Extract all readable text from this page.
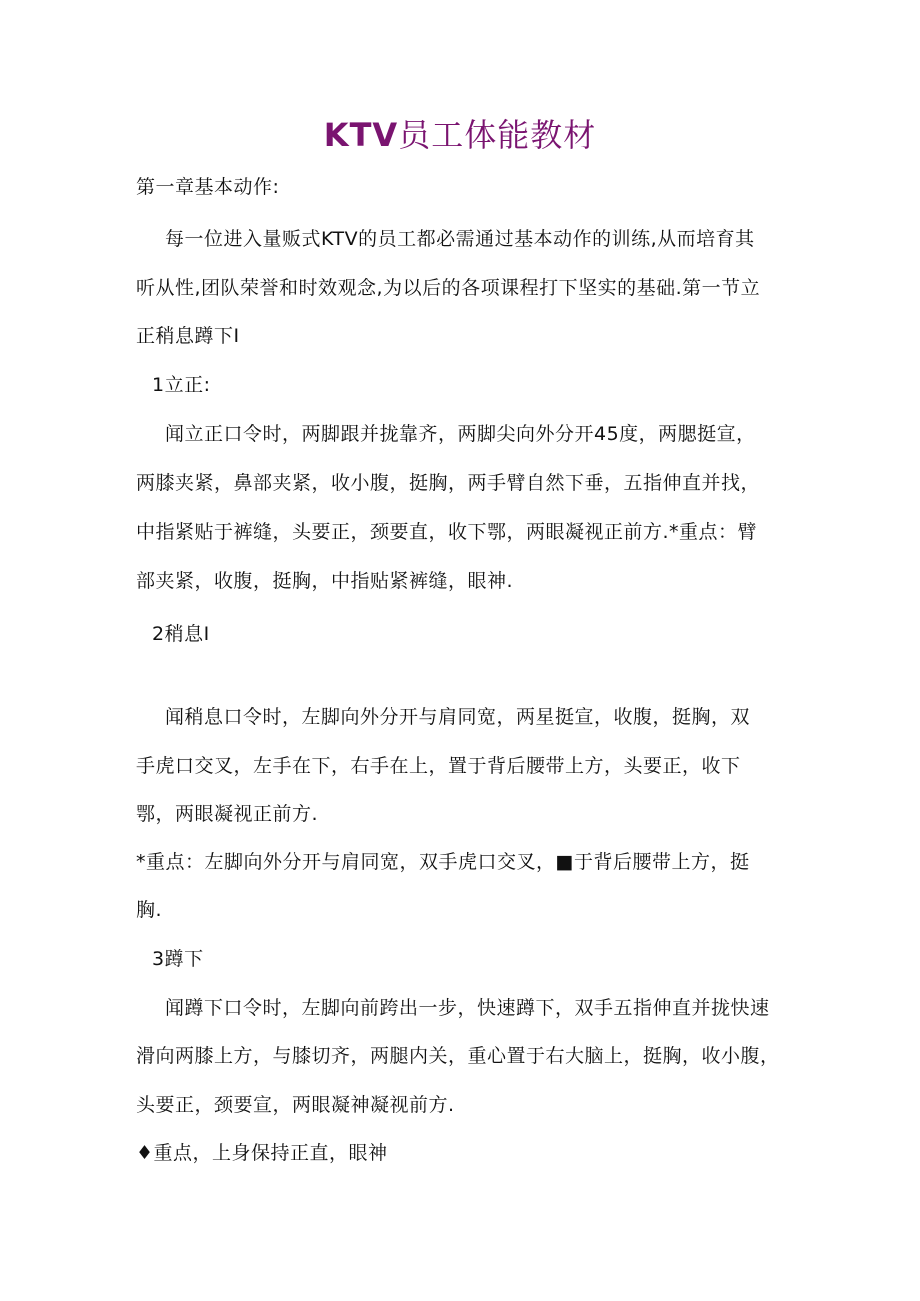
KTV员工体能教材
第一章基本动作:
每一位进入量贩式KTV的员工都必需通过基本动作的训练,从而培育其
听从性,团队荣誉和时效观念,为以后的各项课程打下坚实的基础.第一节立
正稍息蹲下I
1立正:
闻立正口令时，两脚跟并拢靠齐，两脚尖向外分开45度，两腮挺宣，
两膝夹紧，鼻部夹紧，收小腹，挺胸，两手臂自然下垂，五指伸直并找，
中指紧贴于裤缝，头要正，颈要直，收下鄂，两眼凝视正前方.*重点：臂
部夹紧，收腹，挺胸，中指贴紧裤缝，眼神.
2稍息I
闻稍息口令时，左脚向外分开与肩同宽，两星挺宣，收腹，挺胸，双
手虎口交叉，左手在下，右手在上，置于背后腰带上方，头要正，收下
鄂，两眼凝视正前方.
*重点：左脚向外分开与肩同宽，双手虎口交叉，■于背后腰带上方，挺
胸.
3蹲下
闻蹲下口令时，左脚向前跨出一步，快速蹲下，双手五指伸直并拢快速
滑向两膝上方，与膝切齐，两腿内关，重心置于右大脑上，挺胸，收小腹，
头要正，颈要宣，两眼凝神凝视前方.
♦重点，上身保持正直，眼神
